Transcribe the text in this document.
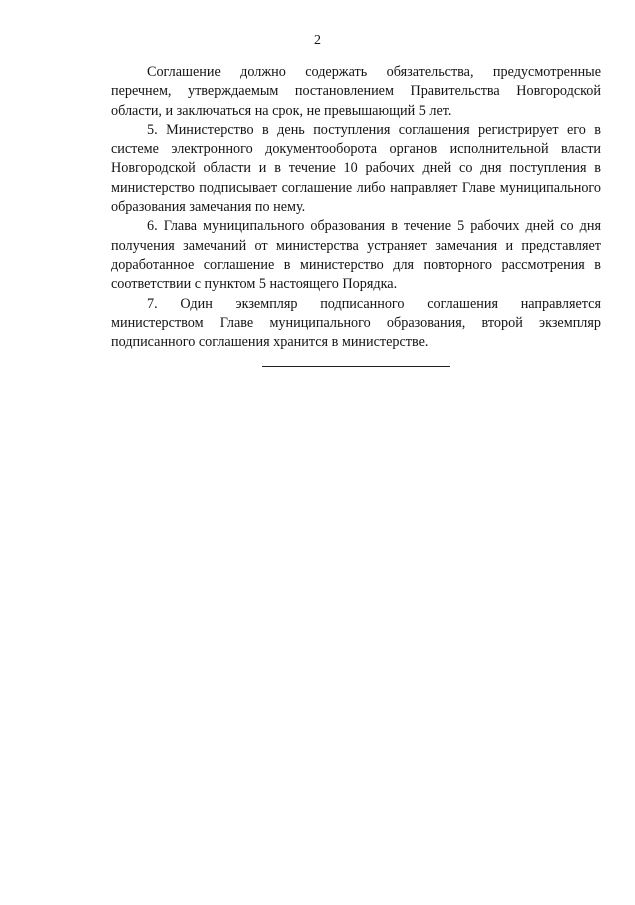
2

Соглашение должно содержать обязательства, предусмотренные перечнем, утверждаемым постановлением Правительства Новгородской области, и заключаться на срок, не превышающий 5 лет.

5. Министерство в день поступления соглашения регистрирует его в системе электронного документооборота органов исполнительной власти Новгородской области и в течение 10 рабочих дней со дня поступления в министерство подписывает соглашение либо направляет Главе муниципального образования замечания по нему.

6. Глава муниципального образования в течение 5 рабочих дней со дня получения замечаний от министерства устраняет замечания и представляет доработанное соглашение в министерство для повторного рассмотрения в соответствии с пунктом 5 настоящего Порядка.

7. Один экземпляр подписанного соглашения направляется министерством Главе муниципального образования, второй экземпляр подписанного соглашения хранится в министерстве.
